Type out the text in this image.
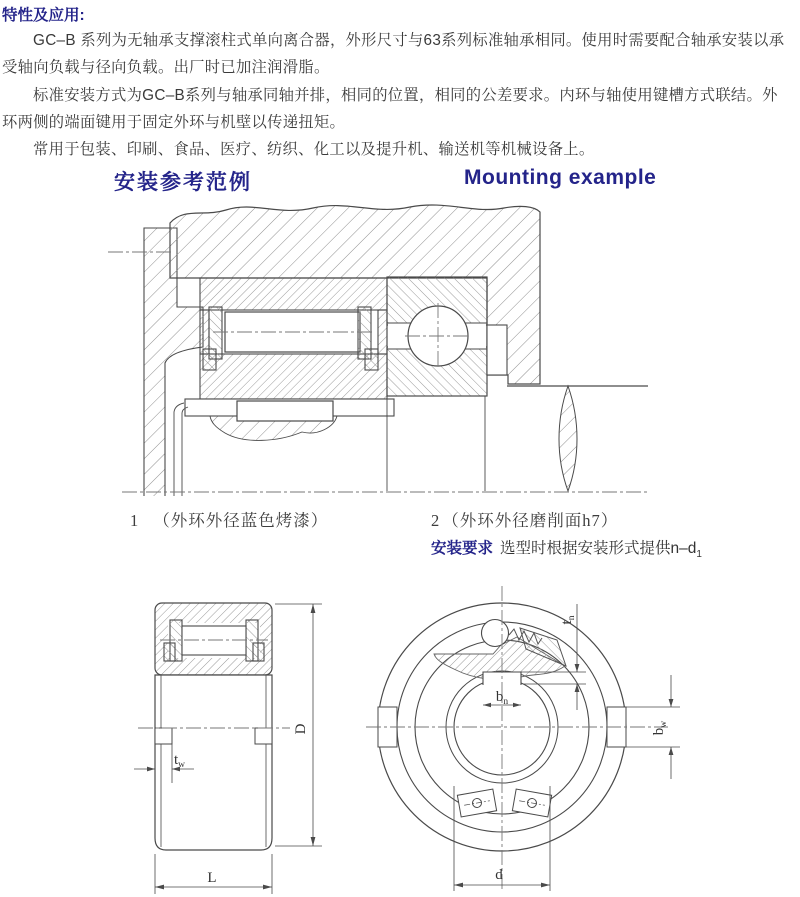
特性及应用:
GC–B 系列为无轴承支撑滚柱式单向离合器，外形尺寸与63系列标准轴承相同。使用时需要配合轴承安装以承
受轴向负载与径向负载。出厂时已加注润滑脂。
标准安装方式为GC–B系列与轴承同轴并排，相同的位置，相同的公差要求。内环与轴使用键槽方式联结。外
环两侧的端面键用于固定外环与机壁以传递扭矩。
常用于包装、印刷、食品、医疗、纺织、化工以及提升机、输送机等机械设备上。
安装参考范例	Mounting example
1 （外环外径蓝色烤漆）	2 （外环外径磨削面h7）
安装要求 选型时根据安装形式提供$n-d_1$
$t_w$
D
L
$b_n$
$t_n$
$b_w$
d
